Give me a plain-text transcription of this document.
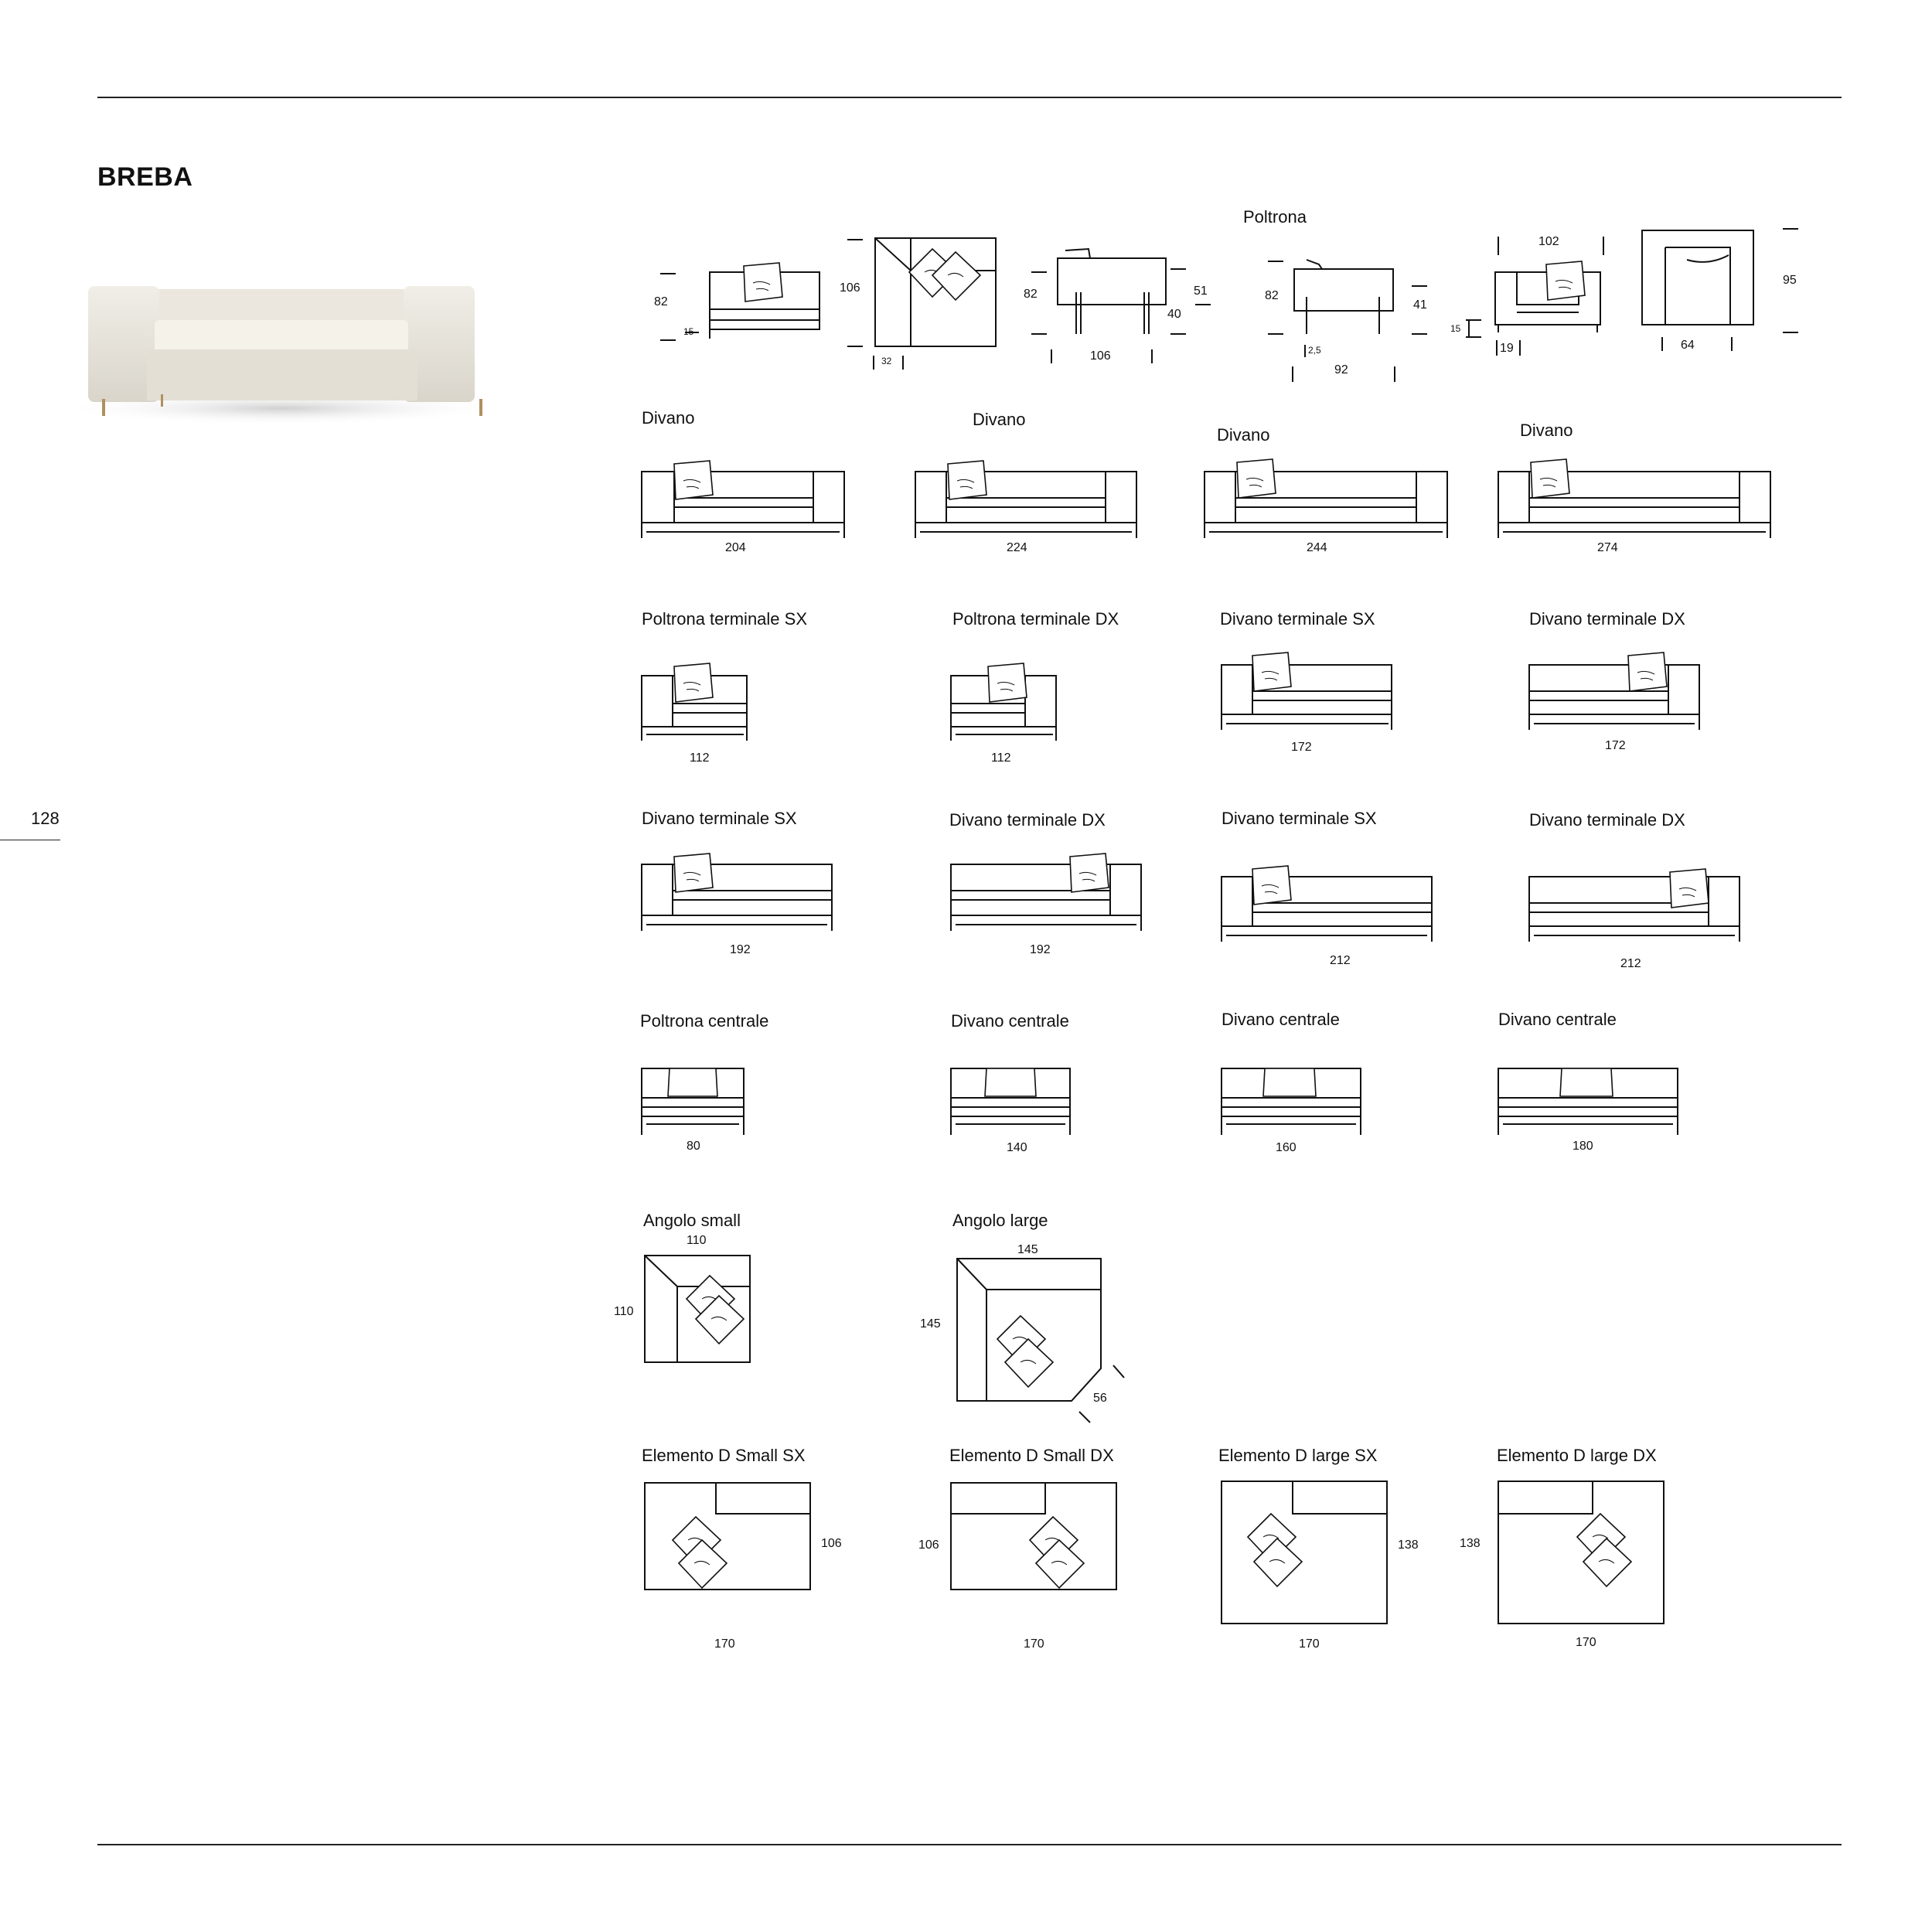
BREBA
128
Poltrona
82
15
106
32
82	51
40
106
82
41
2,5
92
102
15
19
95
64
Divano	Divano
Divano	Divano
204	224	244	274
Poltrona terminale SX	Poltrona terminale DX	Divano terminale SX	Divano terminale DX
112	112
172	172
Divano terminale SX	Divano terminale DX	Divano terminale SX	Divano terminale DX
192	192
212	212
Poltrona centrale	Divano centrale	Divano centrale	Divano centrale
80	140	160	180
Angolo small
110
110
Angolo large
145
145
56
Elemento D Small SX	Elemento D Small DX	Elemento D large SX	Elemento D large DX
106	106	138	138
170	170	170	170
